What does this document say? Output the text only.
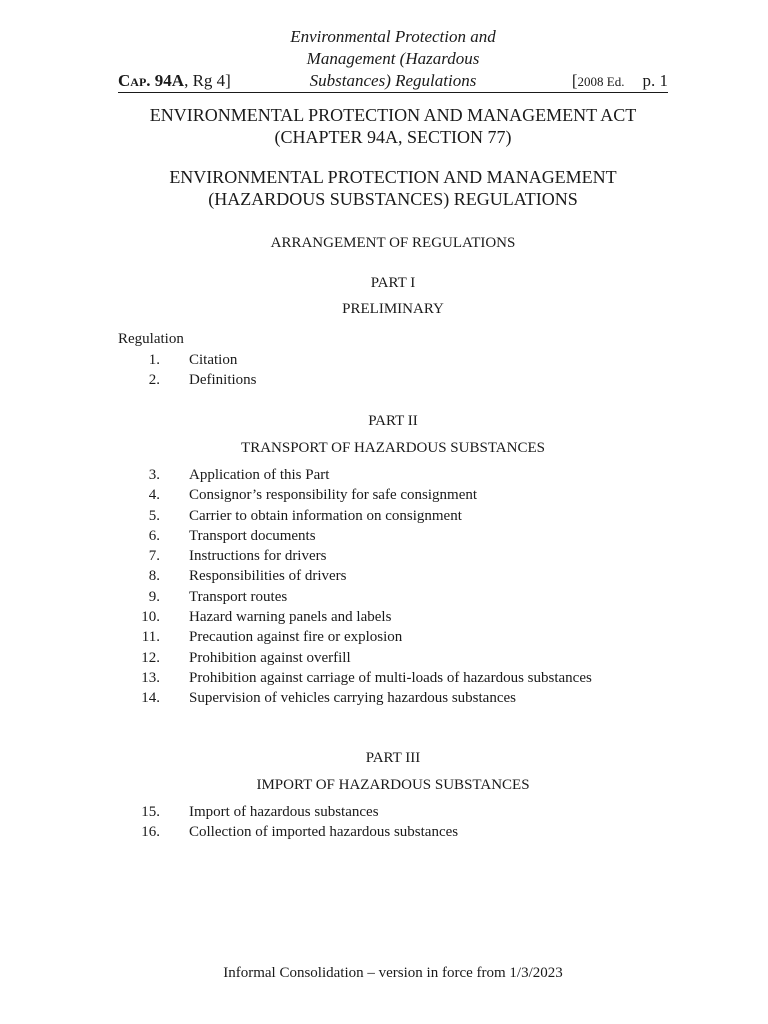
Cap. 94A, Rg 4]
Environmental Protection and
Management (Hazardous
Substances) Regulations	[2008 Ed. p. 1
ENVIRONMENTAL PROTECTION AND MANAGEMENT ACT
(CHAPTER 94A, SECTION 77)
ENVIRONMENTAL PROTECTION AND MANAGEMENT
(HAZARDOUS SUBSTANCES) REGULATIONS
ARRANGEMENT OF REGULATIONS
PART I
PRELIMINARY
Regulation
1. Citation
2. Definitions
PART II
TRANSPORT OF HAZARDOUS SUBSTANCES
3. Application of this Part
4. Consignor’s responsibility for safe consignment
5. Carrier to obtain information on consignment
6. Transport documents
7. Instructions for drivers
8. Responsibilities of drivers
9. Transport routes
10. Hazard warning panels and labels
11. Precaution against fire or explosion
12. Prohibition against overfill
13. Prohibition against carriage of multi-loads of hazardous substances
14. Supervision of vehicles carrying hazardous substances
PART III
IMPORT OF HAZARDOUS SUBSTANCES
15. Import of hazardous substances
16. Collection of imported hazardous substances
Informal Consolidation – version in force from 1/3/2023
